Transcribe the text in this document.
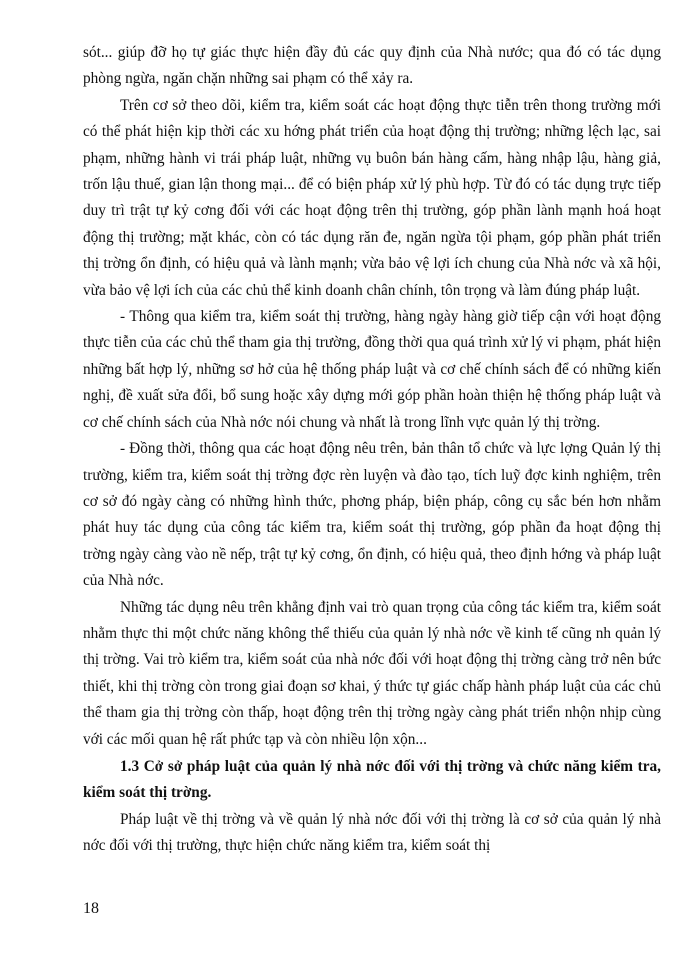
sót... giúp đỡ họ tự giác thực hiện đầy đủ các quy định của Nhà nước; qua đó có tác dụng phòng ngừa, ngăn chặn những sai phạm có thể xảy ra.

Trên cơ sở theo dõi, kiểm tra, kiểm soát các hoạt động thực tiễn trên thong trường mới có thể phát hiện kịp thời các xu hớng phát triển của hoạt động thị trường; những lệch lạc, sai phạm, những hành vi trái pháp luật, những vụ buôn bán hàng cấm, hàng nhập lậu, hàng giả, trốn lậu thuế, gian lận thong mại... để có biện pháp xử lý phù hợp. Từ đó có tác dụng trực tiếp duy trì trật tự kỷ cơng đối với các hoạt động trên thị trường, góp phần lành mạnh hoá hoạt động thị trường; mặt khác, còn có tác dụng răn đe, ngăn ngừa tội phạm, góp phần phát triển thị trờng ổn định, có hiệu quả và lành mạnh; vừa bảo vệ lợi ích chung của Nhà nớc và xã hội, vừa bảo vệ lợi ích của các chủ thể kinh doanh chân chính, tôn trọng và làm đúng pháp luật.

- Thông qua kiểm tra, kiểm soát thị trường, hàng ngày hàng giờ tiếp cận với hoạt động thực tiễn của các chủ thể tham gia thị trường, đồng thời qua quá trình xử lý vi phạm, phát hiện những bất hợp lý, những sơ hở của hệ thống pháp luật và cơ chế chính sách để có những kiến nghị, đề xuất sửa đổi, bổ sung hoặc xây dựng mới góp phần hoàn thiện hệ thống pháp luật và cơ chế chính sách của Nhà nớc nói chung và nhất là trong lĩnh vực quản lý thị trờng.

- Đồng thời, thông qua các hoạt động nêu trên, bản thân tổ chức và lực lợng Quản lý thị trường, kiểm tra, kiểm soát thị trờng đợc rèn luyện và đào tạo, tích luỹ đợc kinh nghiệm, trên cơ sở đó ngày càng có những hình thức, phơng pháp, biện pháp, công cụ sắc bén hơn nhằm phát huy tác dụng của công tác kiểm tra, kiểm soát thị trường, góp phần đa hoạt động thị trờng ngày càng vào nề nếp, trật tự kỷ cơng, ổn định, có hiệu quả, theo định hớng và pháp luật của Nhà nớc.

Những tác dụng nêu trên khẳng định vai trò quan trọng của công tác kiểm tra, kiểm soát nhằm thực thi một chức năng không thể thiếu của quản lý nhà nớc về kinh tế cũng nh quản lý thị trờng. Vai trò kiểm tra, kiểm soát của nhà nớc đối với hoạt động thị trờng càng trở nên bức thiết, khi thị trờng còn trong giai đoạn sơ khai, ý thức tự giác chấp hành pháp luật của các chủ thể tham gia thị trờng còn thấp, hoạt động trên thị trờng ngày càng phát triển nhộn nhịp cùng với các mối quan hệ rất phức tạp và còn nhiều lộn xộn...

1.3 Cở sở pháp luật của quản lý nhà nớc đối với thị trờng và chức năng kiểm tra, kiểm soát thị trờng.

Pháp luật về thị trờng và về quản lý nhà nớc đối với thị trờng là cơ sở của quản lý nhà nớc đối với thị trường, thực hiện chức năng kiểm tra, kiểm soát thị

18
